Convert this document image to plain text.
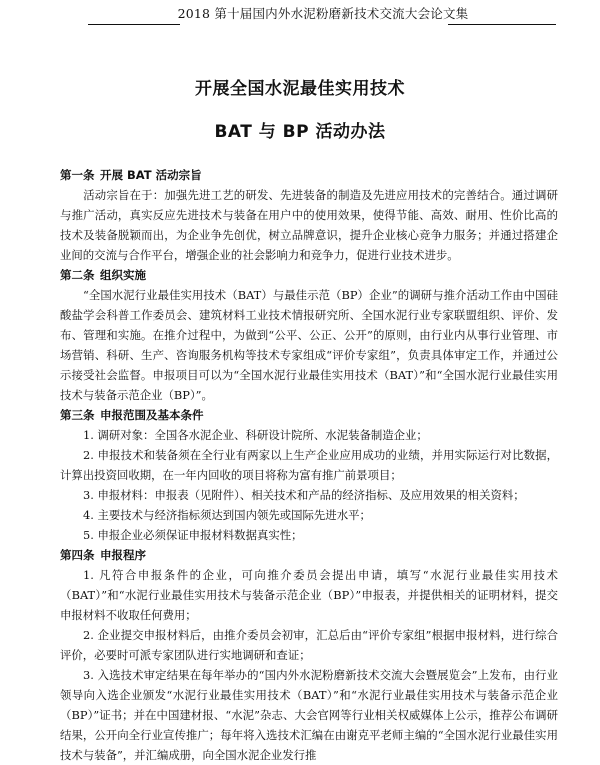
2018 第十届国内外水泥粉磨新技术交流大会论文集
开展全国水泥最佳实用技术
BAT 与 BP 活动办法
第一条 开展 BAT 活动宗旨
活动宗旨在于：加强先进工艺的研发、先进装备的制造及先进应用技术的完善结合。通过调研与推广活动，真实反应先进技术与装备在用户中的使用效果，使得节能、高效、耐用、性价比高的技术及装备脱颖而出，为企业争先创优，树立品牌意识，提升企业核心竞争力服务；并通过搭建企业间的交流与合作平台，增强企业的社会影响力和竞争力，促进行业技术进步。
第二条 组织实施
“全国水泥行业最佳实用技术（BAT）与最佳示范（BP）企业”的调研与推介活动工作由中国硅酸盐学会科普工作委员会、建筑材料工业技术情报研究所、全国水泥行业专家联盟组织、评价、发布、管理和实施。在推介过程中，为做到“公平、公正、公开”的原则，由行业内从事行业管理、市场营销、科研、生产、咨询服务机构等技术专家组成“评价专家组”，负责具体审定工作，并通过公示接受社会监督。申报项目可以为“全国水泥行业最佳实用技术（BAT）”和“全国水泥行业最佳实用技术与装备示范企业（BP）”。
第三条 申报范围及基本条件
1. 调研对象：全国各水泥企业、科研设计院所、水泥装备制造企业；
2. 申报技术和装备须在全行业有两家以上生产企业应用成功的业绩，并用实际运行对比数据，计算出投资回收期，在一年内回收的项目将称为富有推广前景项目；
3. 申报材料：申报表（见附件）、相关技术和产品的经济指标、及应用效果的相关资料；
4. 主要技术与经济指标须达到国内领先或国际先进水平；
5. 申报企业必须保证申报材料数据真实性；
第四条 申报程序
1. 凡符合申报条件的企业，可向推介委员会提出申请，填写“水泥行业最佳实用技术（BAT）”和“水泥行业最佳实用技术与装备示范企业（BP）”申报表，并提供相关的证明材料，提交申报材料不收取任何费用；
2. 企业提交申报材料后，由推介委员会初审，汇总后由“评价专家组”根据申报材料，进行综合评价，必要时可派专家团队进行实地调研和查证；
3. 入选技术审定结果在每年举办的“国内外水泥粉磨新技术交流大会暨展览会”上发布，由行业领导向入选企业颁发“水泥行业最佳实用技术（BAT）”和“水泥行业最佳实用技术与装备示范企业（BP）”证书；并在中国建材报、“水泥”杂志、大会官网等行业相关权威媒体上公示，推荐公布调研结果，公开向全行业宣传推广；每年将入选技术汇编在由谢克平老师主编的“全国水泥行业最佳实用技术与装备”，并汇编成册，向全国水泥企业发行推
